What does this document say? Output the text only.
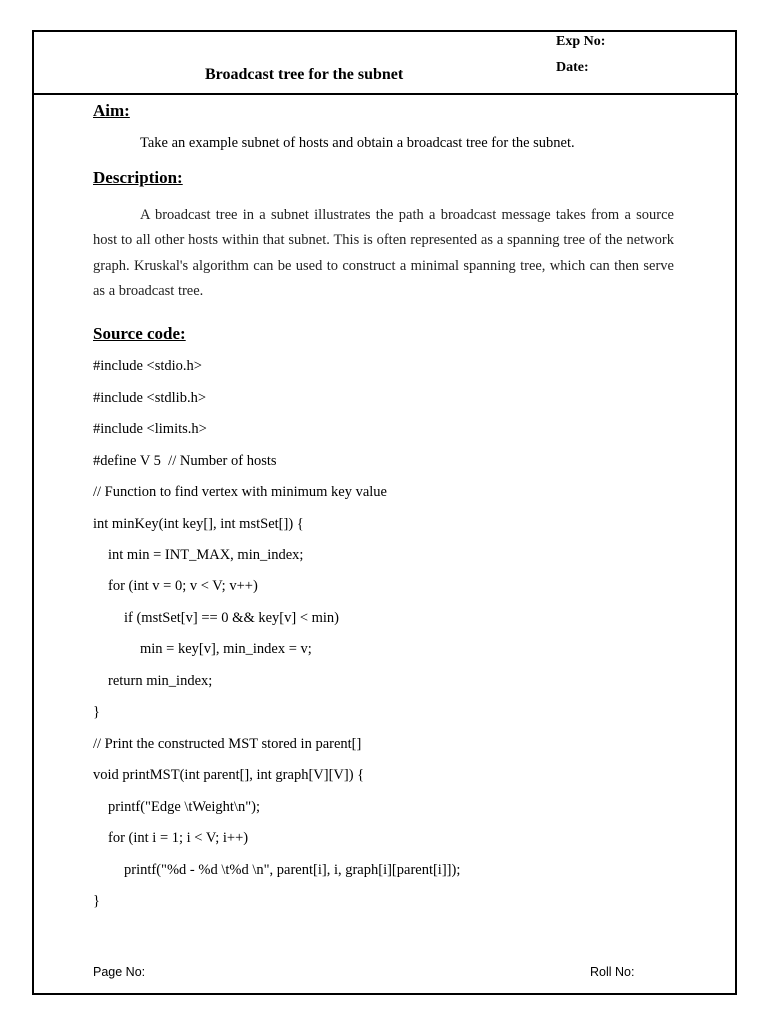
Exp No:
Date:
Broadcast tree for the subnet
Aim:
Take an example subnet of hosts and obtain a broadcast tree for the subnet.
Description:
A broadcast tree in a subnet illustrates the path a broadcast message takes from a source host to all other hosts within that subnet. This is often represented as a spanning tree of the network graph. Kruskal's algorithm can be used to construct a minimal spanning tree, which can then serve as a broadcast tree.
Source code:
#include <stdio.h>
#include <stdlib.h>
#include <limits.h>
#define V 5  // Number of hosts
// Function to find vertex with minimum key value
int minKey(int key[], int mstSet[]) {
int min = INT_MAX, min_index;
for (int v = 0; v < V; v++)
if (mstSet[v] == 0 && key[v] < min)
min = key[v], min_index = v;
return min_index;
}
// Print the constructed MST stored in parent[]
void printMST(int parent[], int graph[V][V]) {
printf("Edge \tWeight\n");
for (int i = 1; i < V; i++)
printf("%d - %d \t%d \n", parent[i], i, graph[i][parent[i]]);
}
Page No:	Roll No:
